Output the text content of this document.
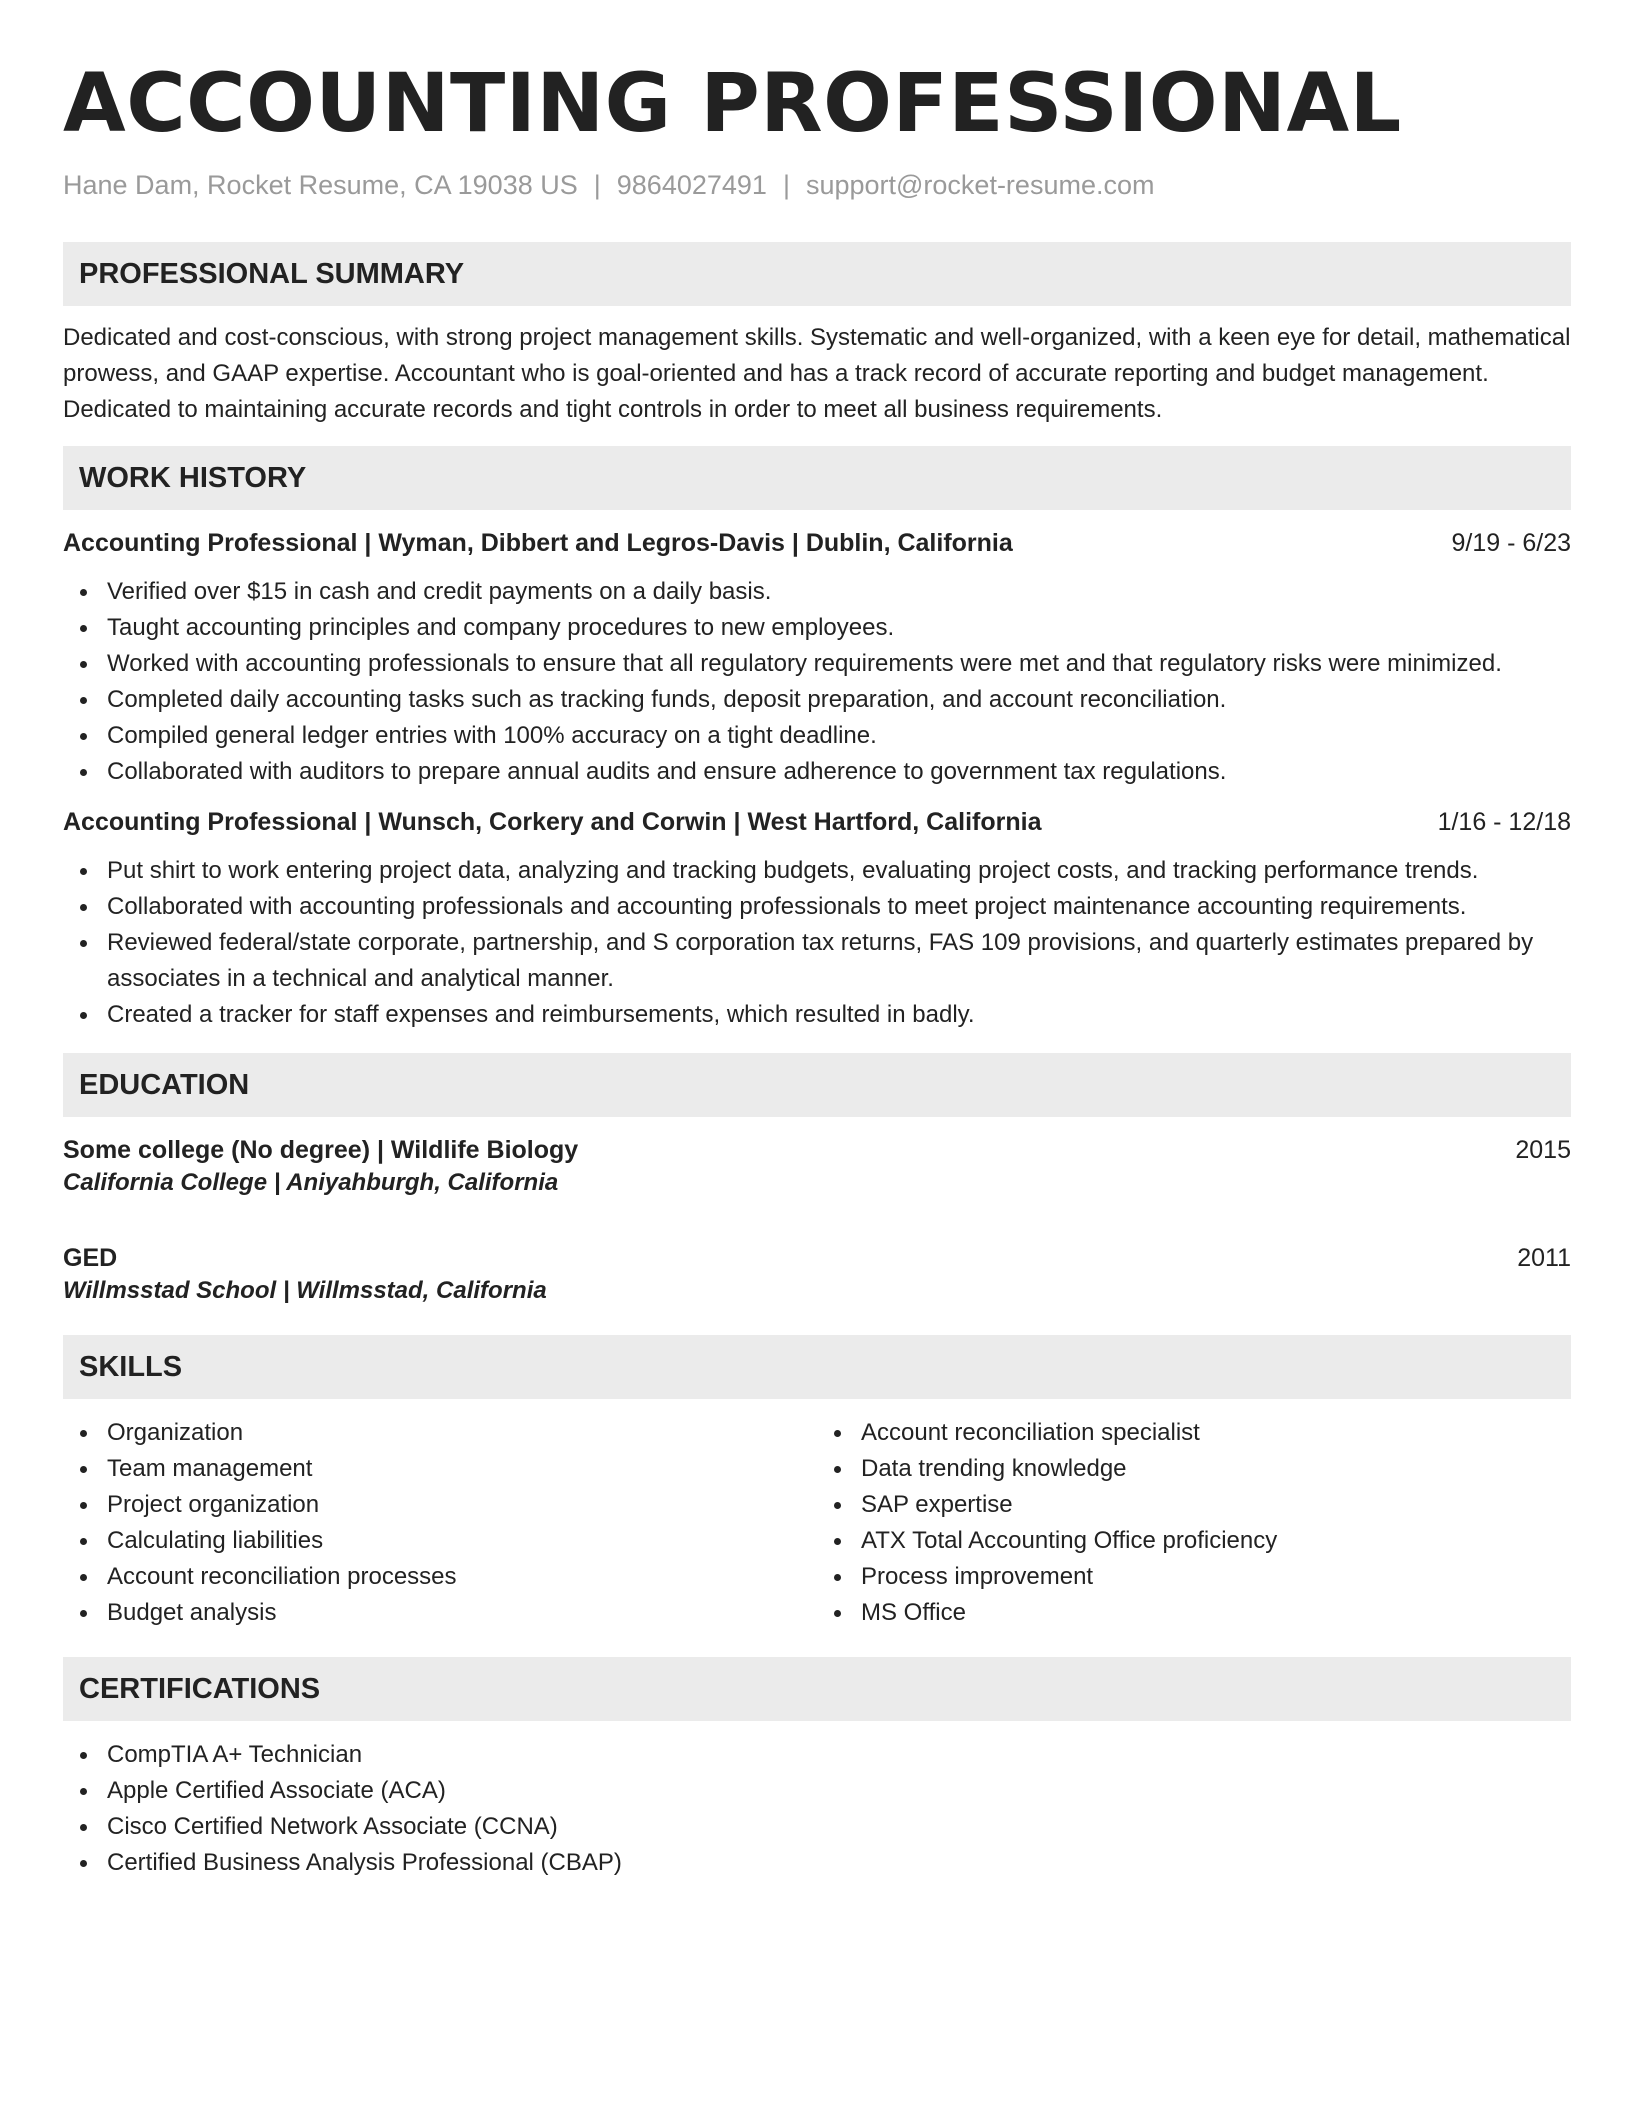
ACCOUNTING PROFESSIONAL
Hane Dam, Rocket Resume, CA 19038 US | 9864027491 | support@rocket-resume.com
PROFESSIONAL SUMMARY

Dedicated and cost-conscious, with strong project management skills. Systematic and well-organized, with a keen eye for detail, mathematical prowess, and GAAP expertise. Accountant who is goal-oriented and has a track record of accurate reporting and budget management. Dedicated to maintaining accurate records and tight controls in order to meet all business requirements.

WORK HISTORY
Accounting Professional | Wyman, Dibbert and Legros-Davis | Dublin, California	9/19 - 6/23
Verified over $15 in cash and credit payments on a daily basis.
Taught accounting principles and company procedures to new employees.
Worked with accounting professionals to ensure that all regulatory requirements were met and that regulatory risks were minimized.
Completed daily accounting tasks such as tracking funds, deposit preparation, and account reconciliation.
Compiled general ledger entries with 100% accuracy on a tight deadline.
Collaborated with auditors to prepare annual audits and ensure adherence to government tax regulations.
Accounting Professional | Wunsch, Corkery and Corwin | West Hartford, California	1/16 - 12/18
Put shirt to work entering project data, analyzing and tracking budgets, evaluating project costs, and tracking performance trends.
Collaborated with accounting professionals and accounting professionals to meet project maintenance accounting requirements.
Reviewed federal/state corporate, partnership, and S corporation tax returns, FAS 109 provisions, and quarterly estimates prepared by associates in a technical and analytical manner.
Created a tracker for staff expenses and reimbursements, which resulted in badly.
EDUCATION
Some college (No degree) | Wildlife Biology	2015
California College | Aniyahburgh, California
GED	2011
Willmsstad School | Willmsstad, California
SKILLS
Organization
Team management
Project organization
Calculating liabilities
Account reconciliation processes
Budget analysis
Account reconciliation specialist
Data trending knowledge
SAP expertise
ATX Total Accounting Office proficiency
Process improvement
MS Office
CERTIFICATIONS
CompTIA A+ Technician
Apple Certified Associate (ACA)
Cisco Certified Network Associate (CCNA)
Certified Business Analysis Professional (CBAP)
